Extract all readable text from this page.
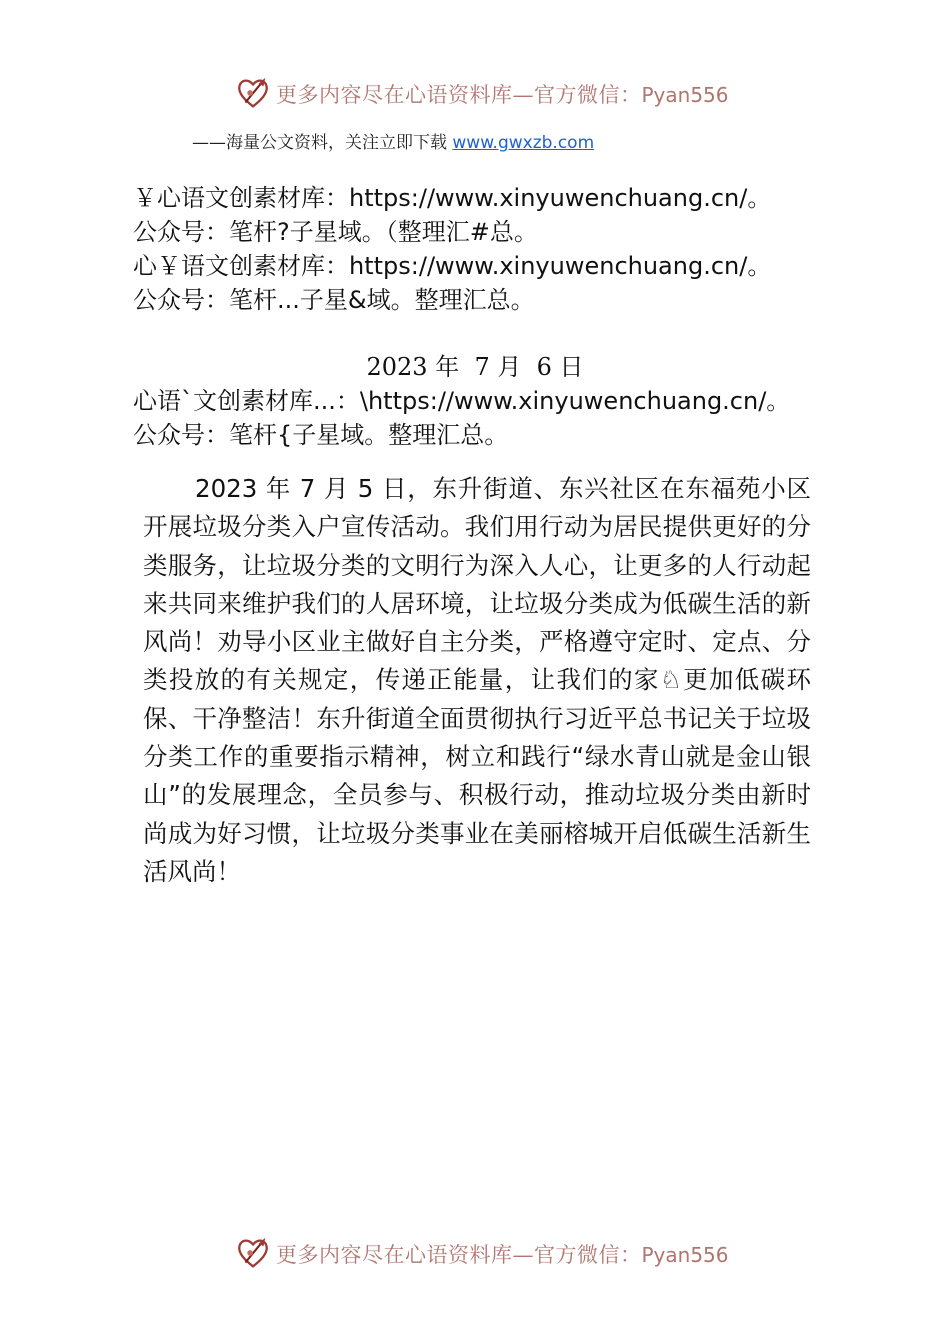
更多内容尽在心语资料库—官方微信：Pyan556
——海量公文资料，关注立即下载 www.gwxzb.com
￥心语文创素材库：https://www.xinyuwenchuang.cn/。
公众号：笔杆?子星域。（整理汇#总。
心￥语文创素材库：https://www.xinyuwenchuang.cn/。
公众号：笔杆...子星&域。整理汇总。
2023 年  7 月  6 日
心语`文创素材库...：\https://www.xinyuwenchuang.cn/。
公众号：笔杆{子星域。整理汇总。
2023 年 7 月 5 日，东升街道、东兴社区在东福苑小区开展垃圾分类入户宣传活动。我们用行动为居民提供更好的分类服务，让垃圾分类的文明行为深入人心，让更多的人行动起来共同来维护我们的人居环境，让垃圾分类成为低碳生活的新风尚！劝导小区业主做好自主分类，严格遵守定时、定点、分类投放的有关规定，传递正能量，让我们的家♘更加低碳环保、干净整洁！东升街道全面贯彻执行习近平总书记关于垃圾分类工作的重要指示精神，树立和践行“绿水青山就是金山银山”的发展理念，全员参与、积极行动，推动垃圾分类由新时尚成为好习惯，让垃圾分类事业在美丽榕城开启低碳生活新生活风尚！
更多内容尽在心语资料库—官方微信：Pyan556
